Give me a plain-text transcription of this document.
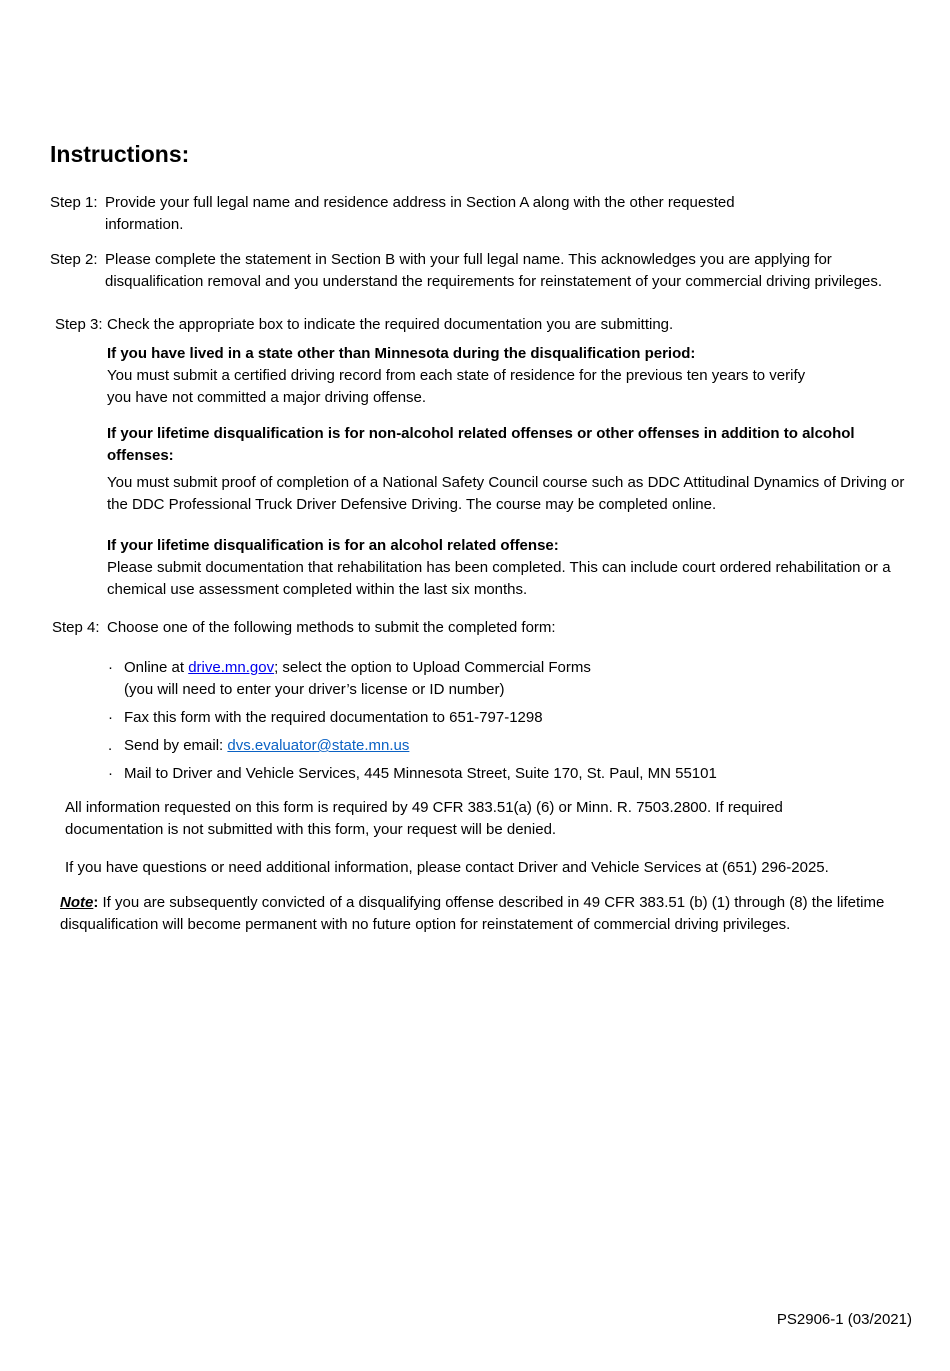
Instructions:
Step 1: Provide your full legal name and residence address in Section A along with the other requested information.
Step 2: Please complete the statement in Section B with your full legal name. This acknowledges you are applying for disqualification removal and you understand the requirements for reinstatement of your commercial driving privileges.
Step 3: Check the appropriate box to indicate the required documentation you are submitting.
If you have lived in a state other than Minnesota during the disqualification period:
You must submit a certified driving record from each state of residence for the previous ten years to verify you have not committed a major driving offense.
If your lifetime disqualification is for non-alcohol related offenses or other offenses in addition to alcohol offenses:
You must submit proof of completion of a National Safety Council course such as DDC Attitudinal Dynamics of Driving or the DDC Professional Truck Driver Defensive Driving. The course may be completed online.
If your lifetime disqualification is for an alcohol related offense:
Please submit documentation that rehabilitation has been completed. This can include court ordered rehabilitation or a chemical use assessment completed within the last six months.
Step 4: Choose one of the following methods to submit the completed form:
· Online at drive.mn.gov; select the option to Upload Commercial Forms
(you will need to enter your driver’s license or ID number)
· Fax this form with the required documentation to 651-797-1298
. Send by email: dvs.evaluator@state.mn.us
· Mail to Driver and Vehicle Services, 445 Minnesota Street, Suite 170, St. Paul, MN 55101
All information requested on this form is required by 49 CFR 383.51(a) (6) or Minn. R. 7503.2800. If required documentation is not submitted with this form, your request will be denied.
If you have questions or need additional information, please contact Driver and Vehicle Services at (651) 296-2025.
Note: If you are subsequently convicted of a disqualifying offense described in 49 CFR 383.51 (b) (1) through (8) the lifetime disqualification will become permanent with no future option for reinstatement of commercial driving privileges.
PS2906-1 (03/2021)
